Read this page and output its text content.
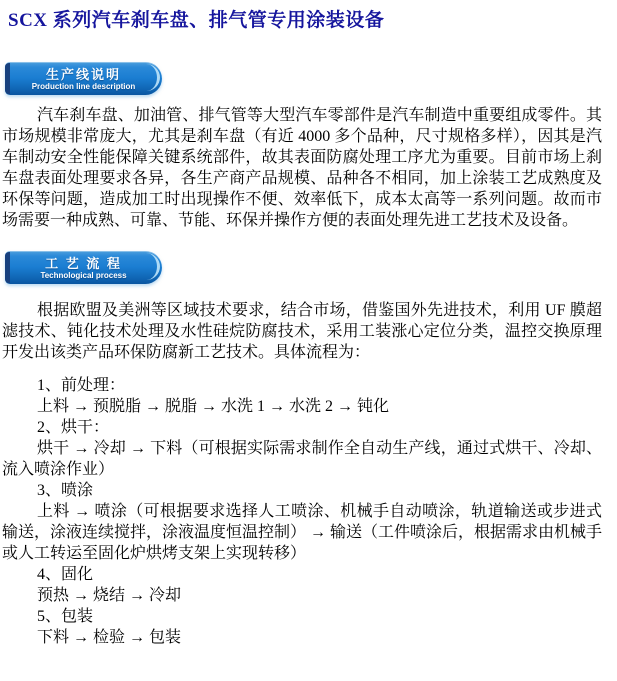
SCX 系列汽车刹车盘、排气管专用涂装设备
生产线说明
Production line description

汽车刹车盘、加油管、排气管等大型汽车零部件是汽车制造中重要组成零件。其市场规模非常庞大，尤其是刹车盘（有近 4000 多个品种，尺寸规格多样），因其是汽车制动安全性能保障关键系统部件，故其表面防腐处理工序尤为重要。目前市场上刹车盘表面处理要求各异，各生产商产品规模、品种各不相同，加上涂装工艺成熟度及环保等问题，造成加工时出现操作不便、效率低下，成本太高等一系列问题。故而市场需要一种成熟、可靠、节能、环保并操作方便的表面处理先进工艺技术及设备。

工 艺 流 程
Technological process

根据欧盟及美洲等区域技术要求，结合市场，借鉴国外先进技术，利用 UF 膜超滤技术、钝化技术处理及水性硅烷防腐技术，采用工装涨心定位分类，温控交换原理开发出该类产品环保防腐新工艺技术。具体流程为：

1、前处理：

上料 → 预脱脂 → 脱脂 → 水洗 1 → 水洗 2 → 钝化

2、烘干：

烘干 → 冷却 → 下料（可根据实际需求制作全自动生产线，通过式烘干、冷却、流入喷涂作业）

3、喷涂

上料 → 喷涂（可根据要求选择人工喷涂、机械手自动喷涂，轨道输送或步进式输送，涂液连续搅拌，涂液温度恒温控制） → 输送（工件喷涂后，根据需求由机械手或人工转运至固化炉烘烤支架上实现转移）

4、固化

预热 → 烧结 → 冷却

5、包装

下料 → 检验 → 包装
